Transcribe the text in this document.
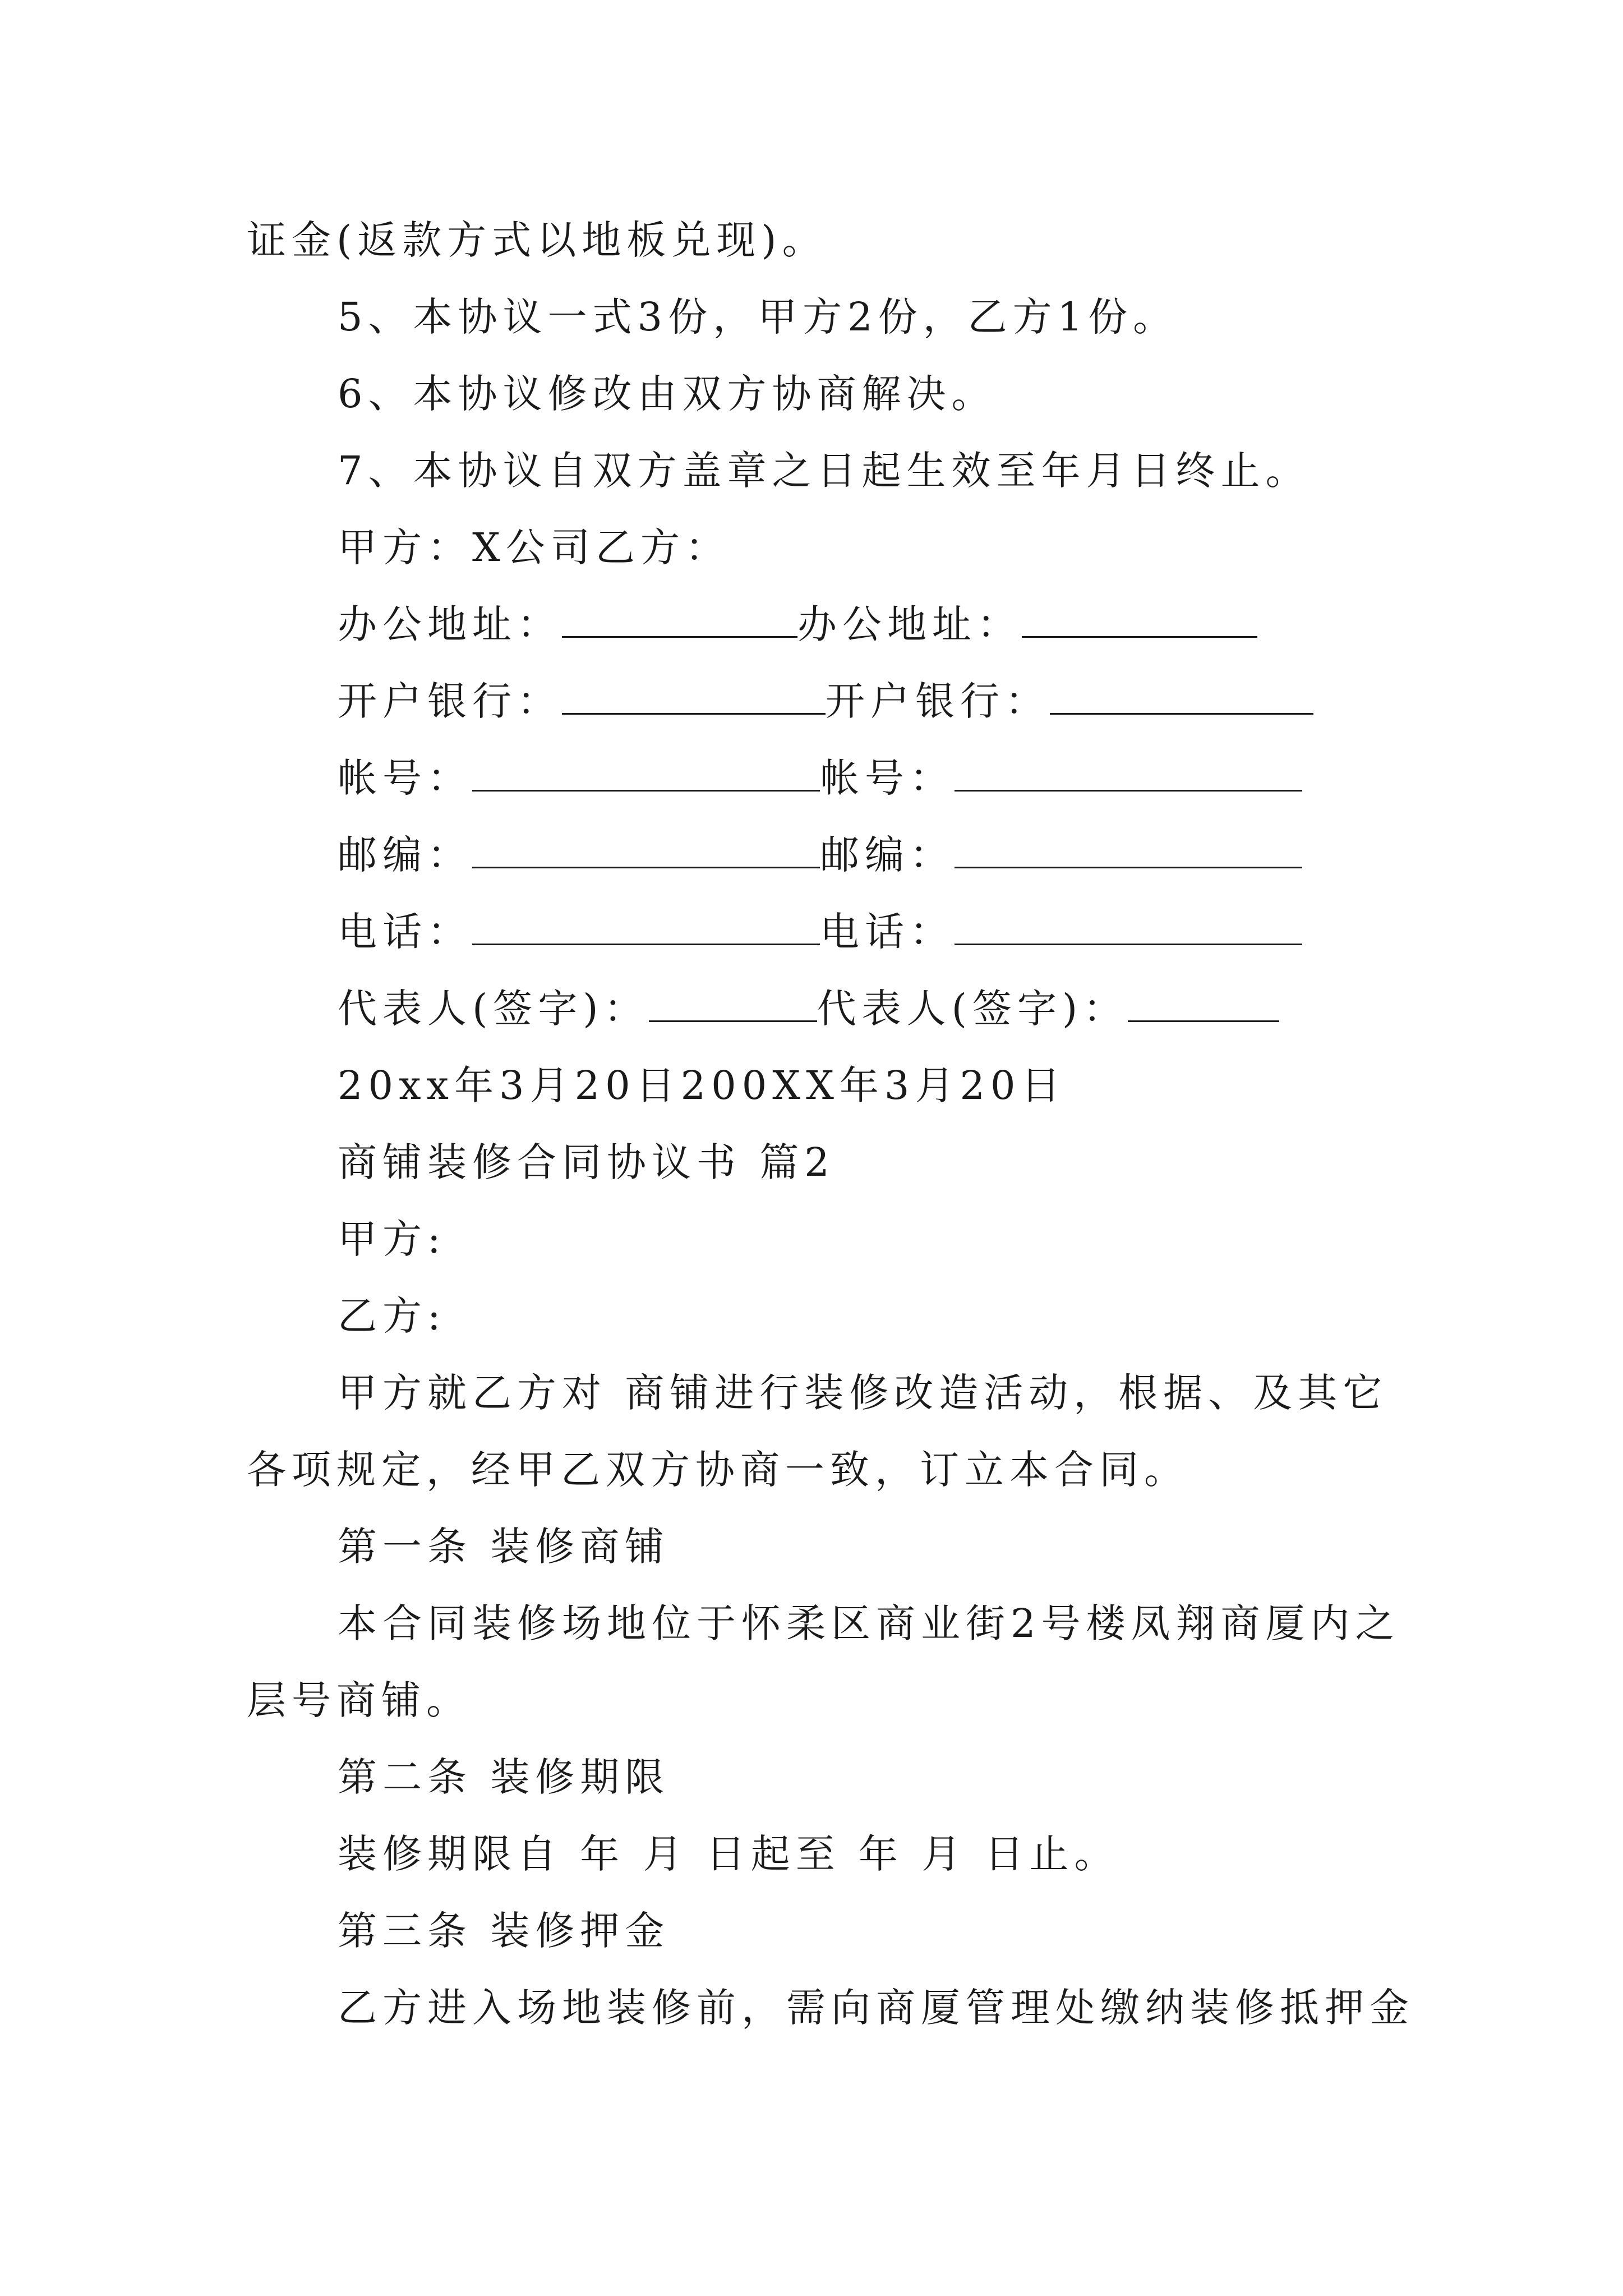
证金(返款方式以地板兑现)。
5、本协议一式3份，甲方2份，乙方1份。
6、本协议修改由双方协商解决。
7、本协议自双方盖章之日起生效至年月日终止。
甲方：X公司乙方：
办公地址：	办公地址：
开户银行：	开户银行：
帐号：	帐号：
邮编：	邮编：
电话：	电话：
代表人(签字)：	代表人(签字)：
20xx年3月20日200XX年3月20日
商铺装修合同协议书 篇2
甲方:
乙方:
甲方就乙方对 商铺进行装修改造活动，根据、及其它
各项规定，经甲乙双方协商一致，订立本合同。
第一条 装修商铺
本合同装修场地位于怀柔区商业街2号楼凤翔商厦内之
层号商铺。
第二条 装修期限
装修期限自 年 月 日起至 年 月 日止。
第三条 装修押金
乙方进入场地装修前，需向商厦管理处缴纳装修抵押金
